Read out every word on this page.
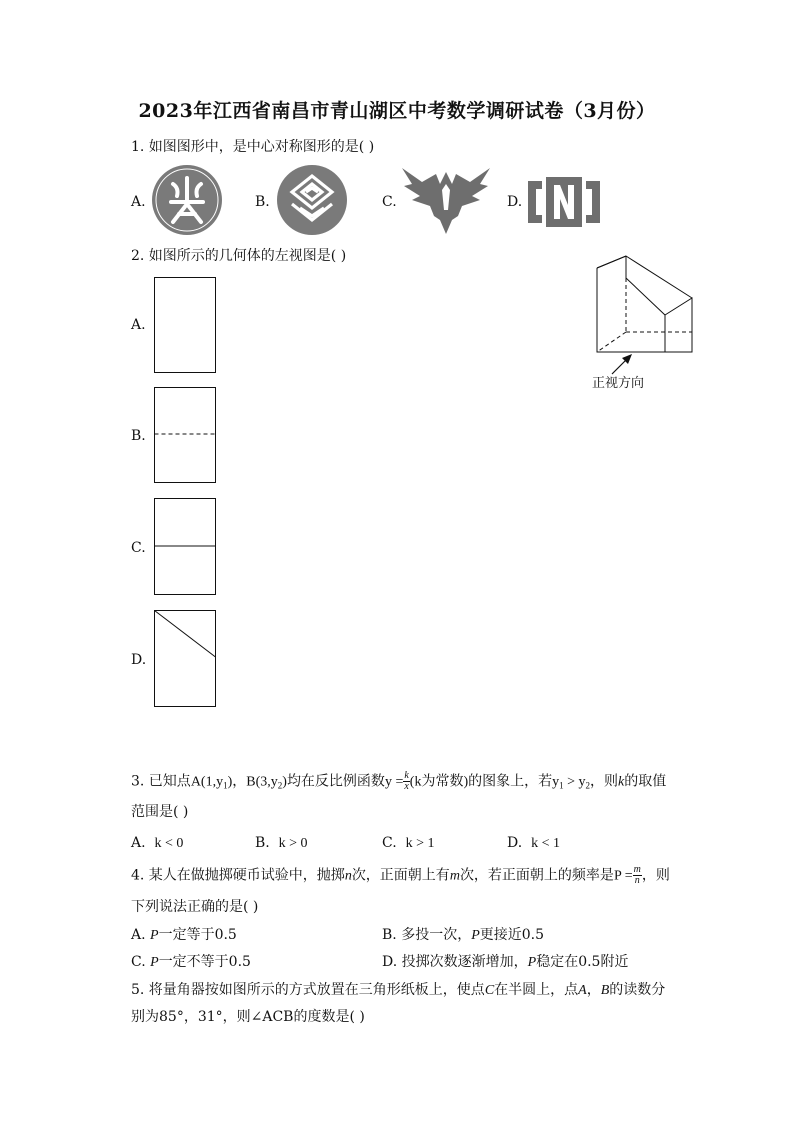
2023年江西省南昌市青山湖区中考数学调研试卷（3月份）
1. 如图图形中，是中心对称图形的是( )
A.	B.	C.	D.
2. 如图所示的几何体的左视图是( )
正视方向
A.
B.
C.
D.
3. 已知点$A(1,y_1)$，$B(3,y_2)$均在反比例函数$y = \frac{k}{x} (k$为常数)的图象上，若$y_1 > y_2$，则k的取值
范围是( )
A. k < 0	B. k > 0	C. k > 1	D. k < 1
4. 某人在做抛掷硬币试验中，抛掷n次，正面朝上有m次，若正面朝上的频率是$P = \frac{m}{n}$ ，则
下列说法正确的是( )
A. P一定等于0.5	B. 多投一次，P更接近0.5
C. P一定不等于0.5	D. 投掷次数逐渐增加，P稳定在0.5附近
5. 将量角器按如图所示的方式放置在三角形纸板上，使点C在半圆上，点A，B的读数分
别为85°，31°，则∠ACB的度数是( )
